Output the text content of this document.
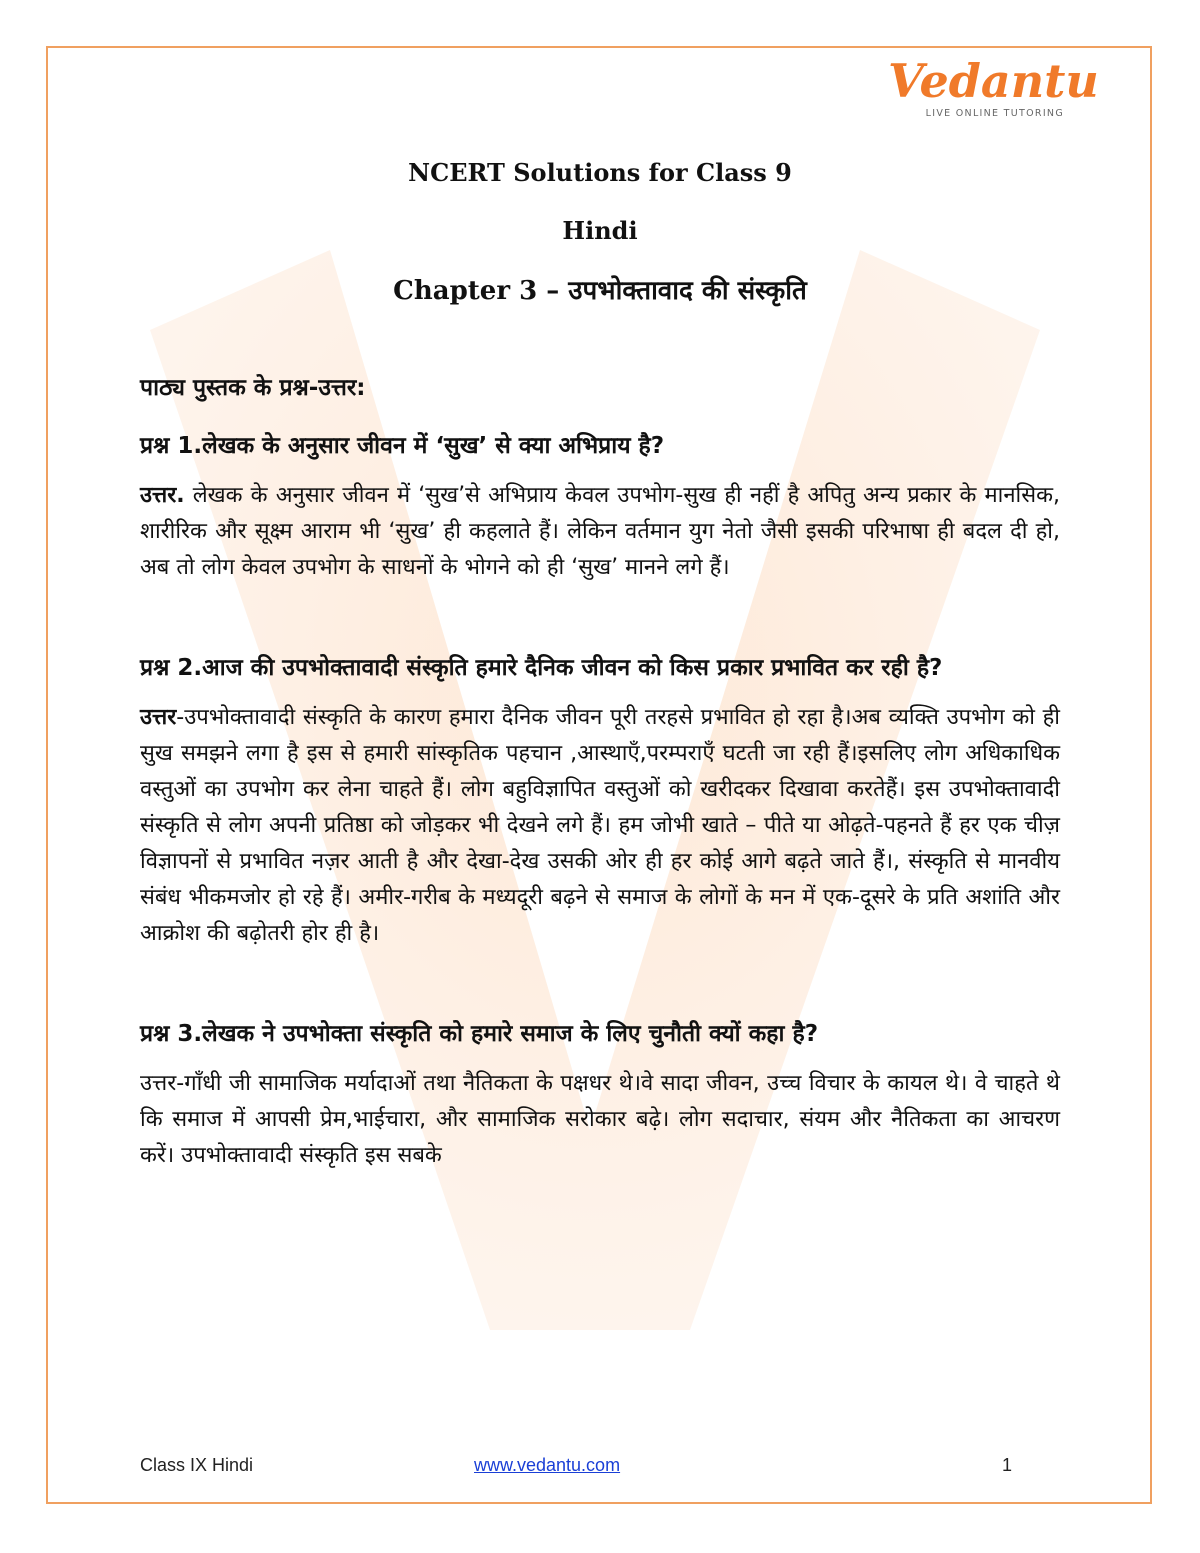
Vedantu
LIVE ONLINE TUTORING
NCERT Solutions for Class 9
Hindi
Chapter 3 – उपभोक्तावाद की संस्कृति
पाठ्य पुस्तक के प्रश्न-उत्तर:
प्रश्न 1.लेखक के अनुसार जीवन में ‘सुख’ से क्या अभिप्राय है?
उत्तर. लेखक के अनुसार जीवन में ‘सुख’से अभिप्राय केवल उपभोग-सुख ही नहीं है अपितु अन्य प्रकार के मानसिक, शारीरिक और सूक्ष्म आराम भी ‘सुख’ ही कहलाते हैं। लेकिन वर्तमान युग नेतो जैसी इसकी परिभाषा ही बदल दी हो, अब तो लोग केवल उपभोग के साधनों के भोगने को ही ‘सुख’ मानने लगे हैं।
प्रश्न 2.आज की उपभोक्तावादी संस्कृति हमारे दैनिक जीवन को किस प्रकार प्रभावित कर रही है?
उत्तर-उपभोक्तावादी संस्कृति के कारण हमारा दैनिक जीवन पूरी तरहसे प्रभावित हो रहा है।अब व्यक्ति उपभोग को ही सुख समझने लगा है इस से हमारी सांस्कृतिक पहचान ,आस्थाएँ,परम्पराएँ घटती जा रही हैं।इसलिए लोग अधिकाधिक वस्तुओं का उपभोग कर लेना चाहते हैं। लोग बहुविज्ञापित वस्तुओं को खरीदकर दिखावा करतेहैं। इस उपभोक्तावादी संस्कृति से लोग अपनी प्रतिष्ठा को जोड़कर भी देखने लगे हैं। हम जोभी खाते – पीते या ओढ़ते-पहनते हैं हर एक चीज़ विज्ञापनों से प्रभावित नज़र आती है और देखा-देख उसकी ओर ही हर कोई आगे बढ़ते जाते हैं।, संस्कृति से मानवीय संबंध भीकमजोर हो रहे हैं। अमीर-गरीब के मध्यदूरी बढ़ने से समाज के लोगों के मन में एक-दूसरे के प्रति अशांति और आक्रोश की बढ़ोतरी होर ही है।
प्रश्न 3.लेखक ने उपभोक्ता संस्कृति को हमारे समाज के लिए चुनौती क्यों कहा है?
उत्तर-गाँधी जी सामाजिक मर्यादाओं तथा नैतिकता के पक्षधर थे।वे सादा जीवन, उच्च विचार के कायल थे। वे चाहते थे कि समाज में आपसी प्रेम,भाईचारा, और सामाजिक सरोकार बढ़े। लोग सदाचार, संयम और नैतिकता का आचरण करें। उपभोक्तावादी संस्कृति इस सबके
Class IX Hindi	www.vedantu.com	1
